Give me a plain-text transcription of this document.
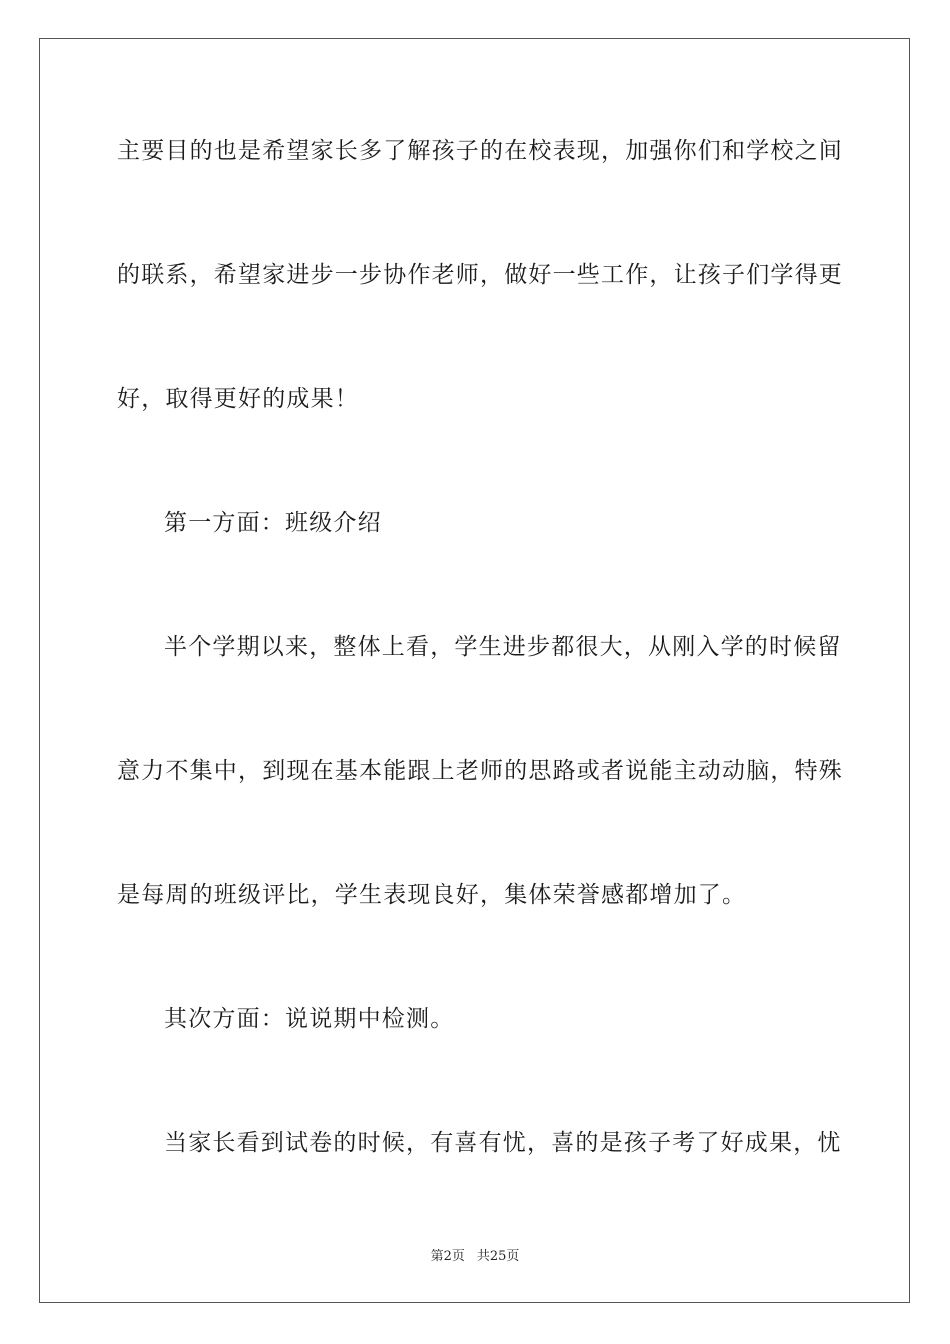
主要目的也是希望家长多了解孩子的在校表现，加强你们和学校之间
的联系，希望家进步一步协作老师，做好一些工作，让孩子们学得更
好，取得更好的成果！
第一方面：班级介绍
半个学期以来，整体上看，学生进步都很大，从刚入学的时候留
意力不集中，到现在基本能跟上老师的思路或者说能主动动脑，特殊
是每周的班级评比，学生表现良好，集体荣誉感都增加了。
其次方面：说说期中检测。
当家长看到试卷的时候，有喜有忧，喜的是孩子考了好成果，忧
第2页 共25页
